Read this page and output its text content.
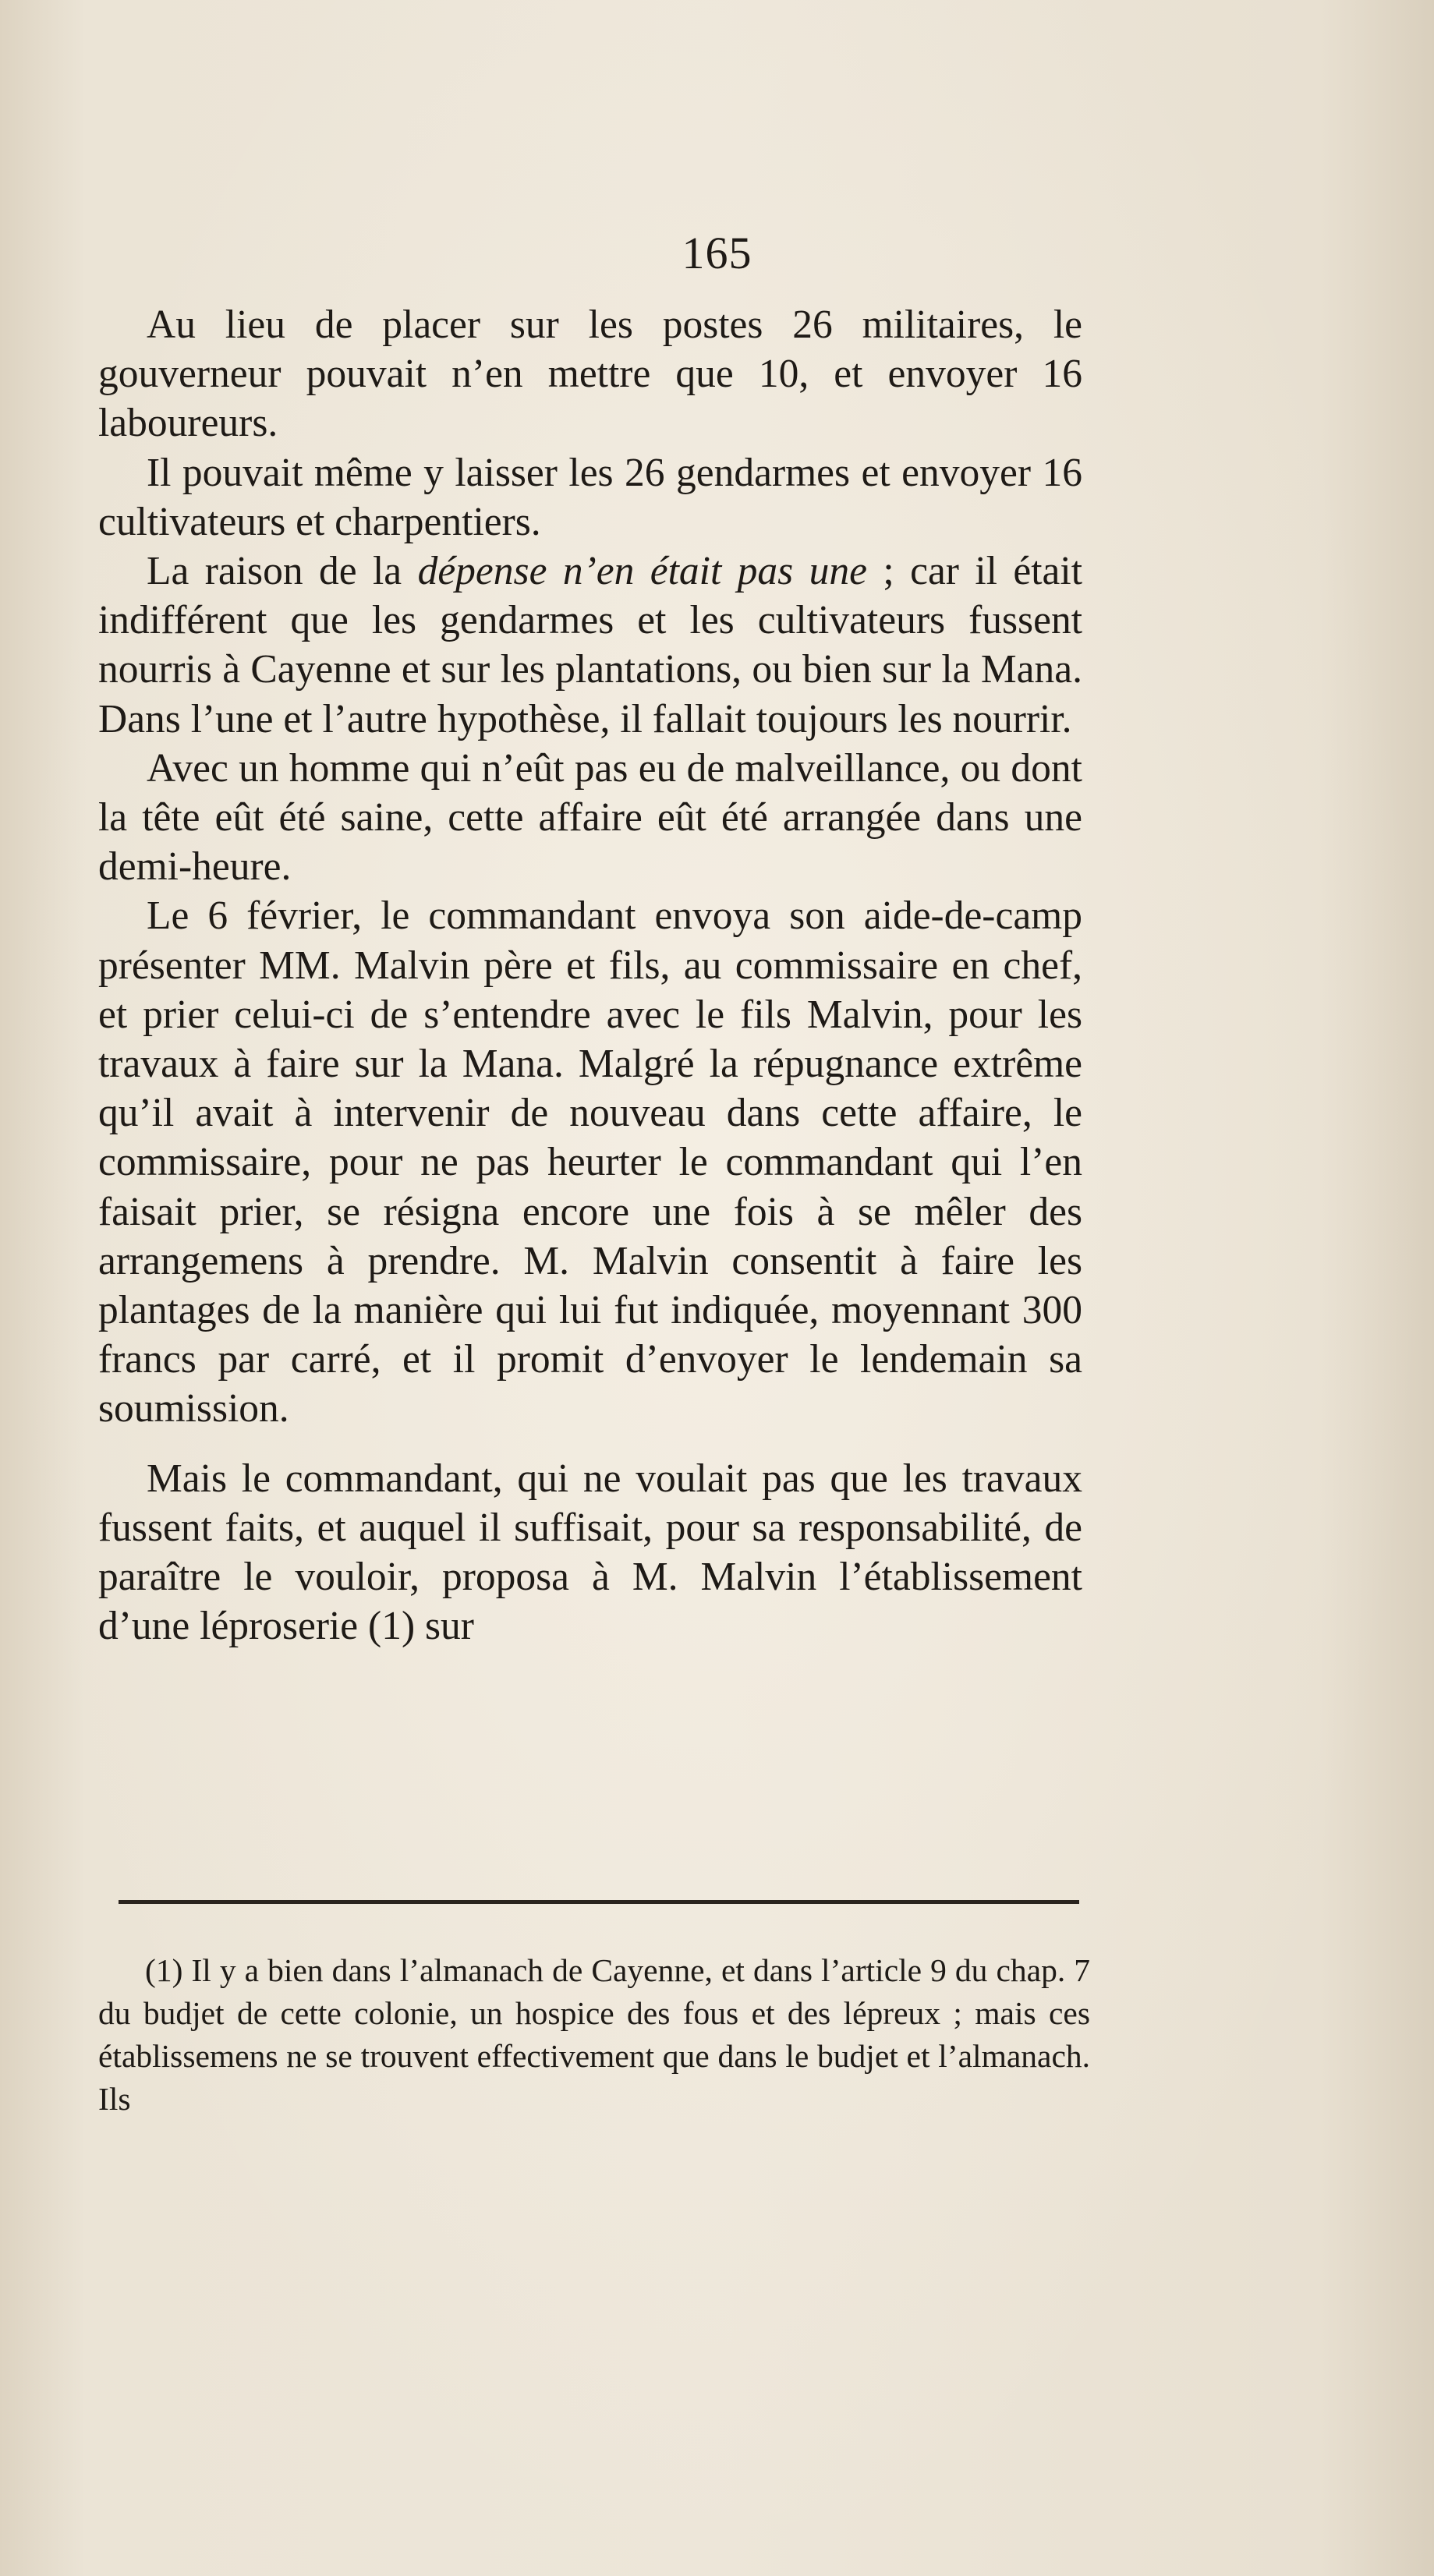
165

Au lieu de placer sur les postes 26 militaires, le gouverneur pouvait n’en mettre que 10, et envoyer 16 laboureurs.

Il pouvait même y laisser les 26 gendarmes et envoyer 16 cultivateurs et charpentiers.

La raison de la dépense n’en était pas une ; car il était indifférent que les gendarmes et les cultivateurs fussent nourris à Cayenne et sur les plantations, ou bien sur la Mana. Dans l’une et l’autre hypothèse, il fallait toujours les nourrir.

Avec un homme qui n’eût pas eu de malveillance, ou dont la tête eût été saine, cette affaire eût été arrangée dans une demi-heure.

Le 6 février, le commandant envoya son aide-de-camp présenter MM. Malvin père et fils, au commissaire en chef, et prier celui-ci de s’entendre avec le fils Malvin, pour les travaux à faire sur la Mana. Malgré la répugnance extrême qu’il avait à intervenir de nouveau dans cette affaire, le commissaire, pour ne pas heurter le commandant qui l’en faisait prier, se résigna encore une fois à se mêler des arrangemens à prendre. M. Malvin consentit à faire les plantages de la manière qui lui fut indiquée, moyennant 300 francs par carré, et il promit d’envoyer le lendemain sa soumission.

Mais le commandant, qui ne voulait pas que les travaux fussent faits, et auquel il suffisait, pour sa responsabilité, de paraître le vouloir, proposa à M. Malvin l’établissement d’une léproserie (1) sur

(1) Il y a bien dans l’almanach de Cayenne, et dans l’article 9 du chap. 7 du budjet de cette colonie, un hospice des fous et des lépreux ; mais ces établissemens ne se trouvent effectivement que dans le budjet et l’almanach. Ils
